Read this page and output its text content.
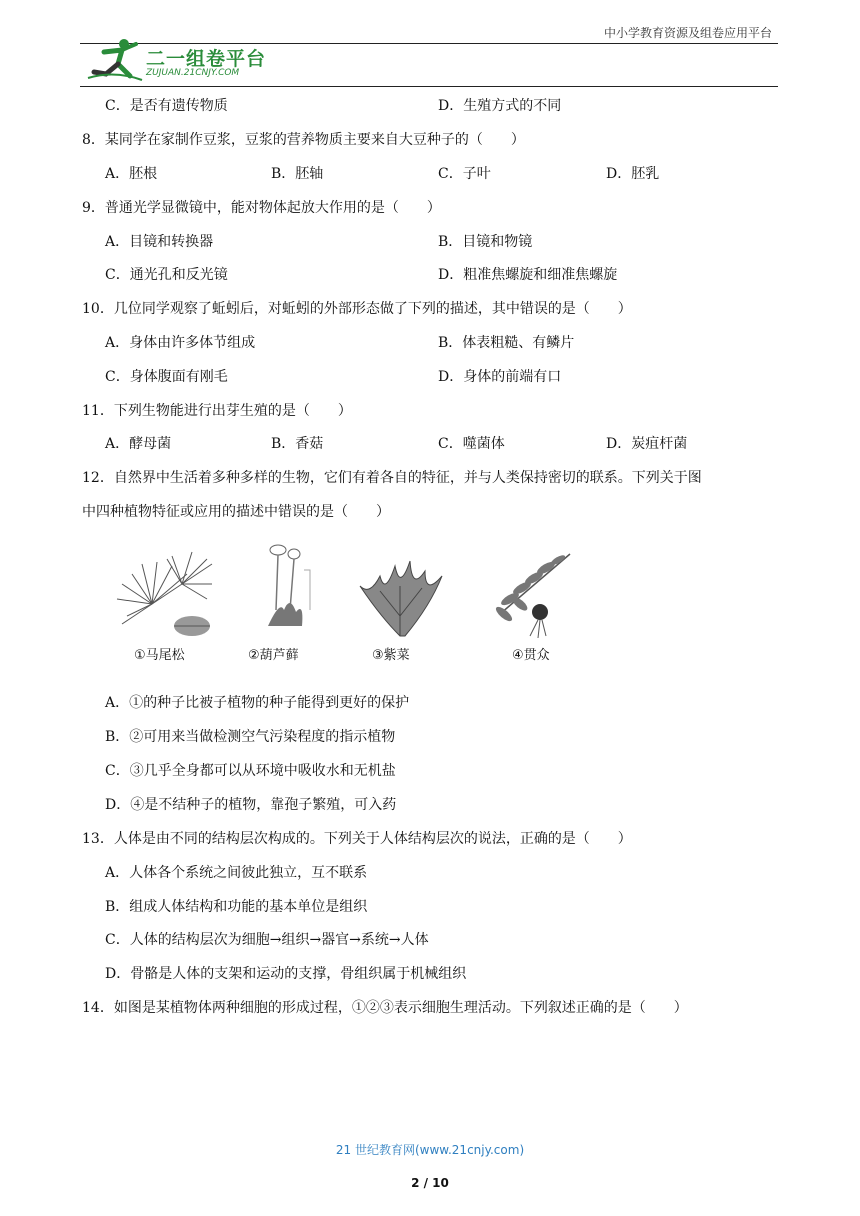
中小学教育资源及组卷应用平台
二一组卷平台
ZUJUAN.21CNJY.COM
C．是否有遗传物质	D．生殖方式的不同
8．某同学在家制作豆浆，豆浆的营养物质主要来自大豆种子的（　　）
A．胚根	B．胚轴	C．子叶	D．胚乳
9．普通光学显微镜中，能对物体起放大作用的是（　　）
A．目镜和转换器	B．目镜和物镜
C．通光孔和反光镜	D．粗准焦螺旋和细准焦螺旋
10．几位同学观察了蚯蚓后，对蚯蚓的外部形态做了下列的描述，其中错误的是（　　）
A．身体由许多体节组成	B．体表粗糙、有鳞片
C．身体腹面有刚毛	D．身体的前端有口
11．下列生物能进行出芽生殖的是（　　）
A．酵母菌	B．香菇	C．噬菌体	D．炭疽杆菌
12．自然界中生活着多种多样的生物，它们有着各自的特征，并与人类保持密切的联系。下列关于图
中四种植物特征或应用的描述中错误的是（　　）
①马尾松	②葫芦藓	③紫菜	④贯众
A．①的种子比被子植物的种子能得到更好的保护
B．②可用来当做检测空气污染程度的指示植物
C．③几乎全身都可以从环境中吸收水和无机盐
D．④是不结种子的植物，靠孢子繁殖，可入药
13．人体是由不同的结构层次构成的。下列关于人体结构层次的说法，正确的是（　　）
A．人体各个系统之间彼此独立，互不联系
B．组成人体结构和功能的基本单位是组织
C．人体的结构层次为细胞→组织→器官→系统→人体
D．骨骼是人体的支架和运动的支撑，骨组织属于机械组织
14．如图是某植物体两种细胞的形成过程，①②③表示细胞生理活动。下列叙述正确的是（　　）
21 世纪教育网(www.21cnjy.com)
2 / 10
